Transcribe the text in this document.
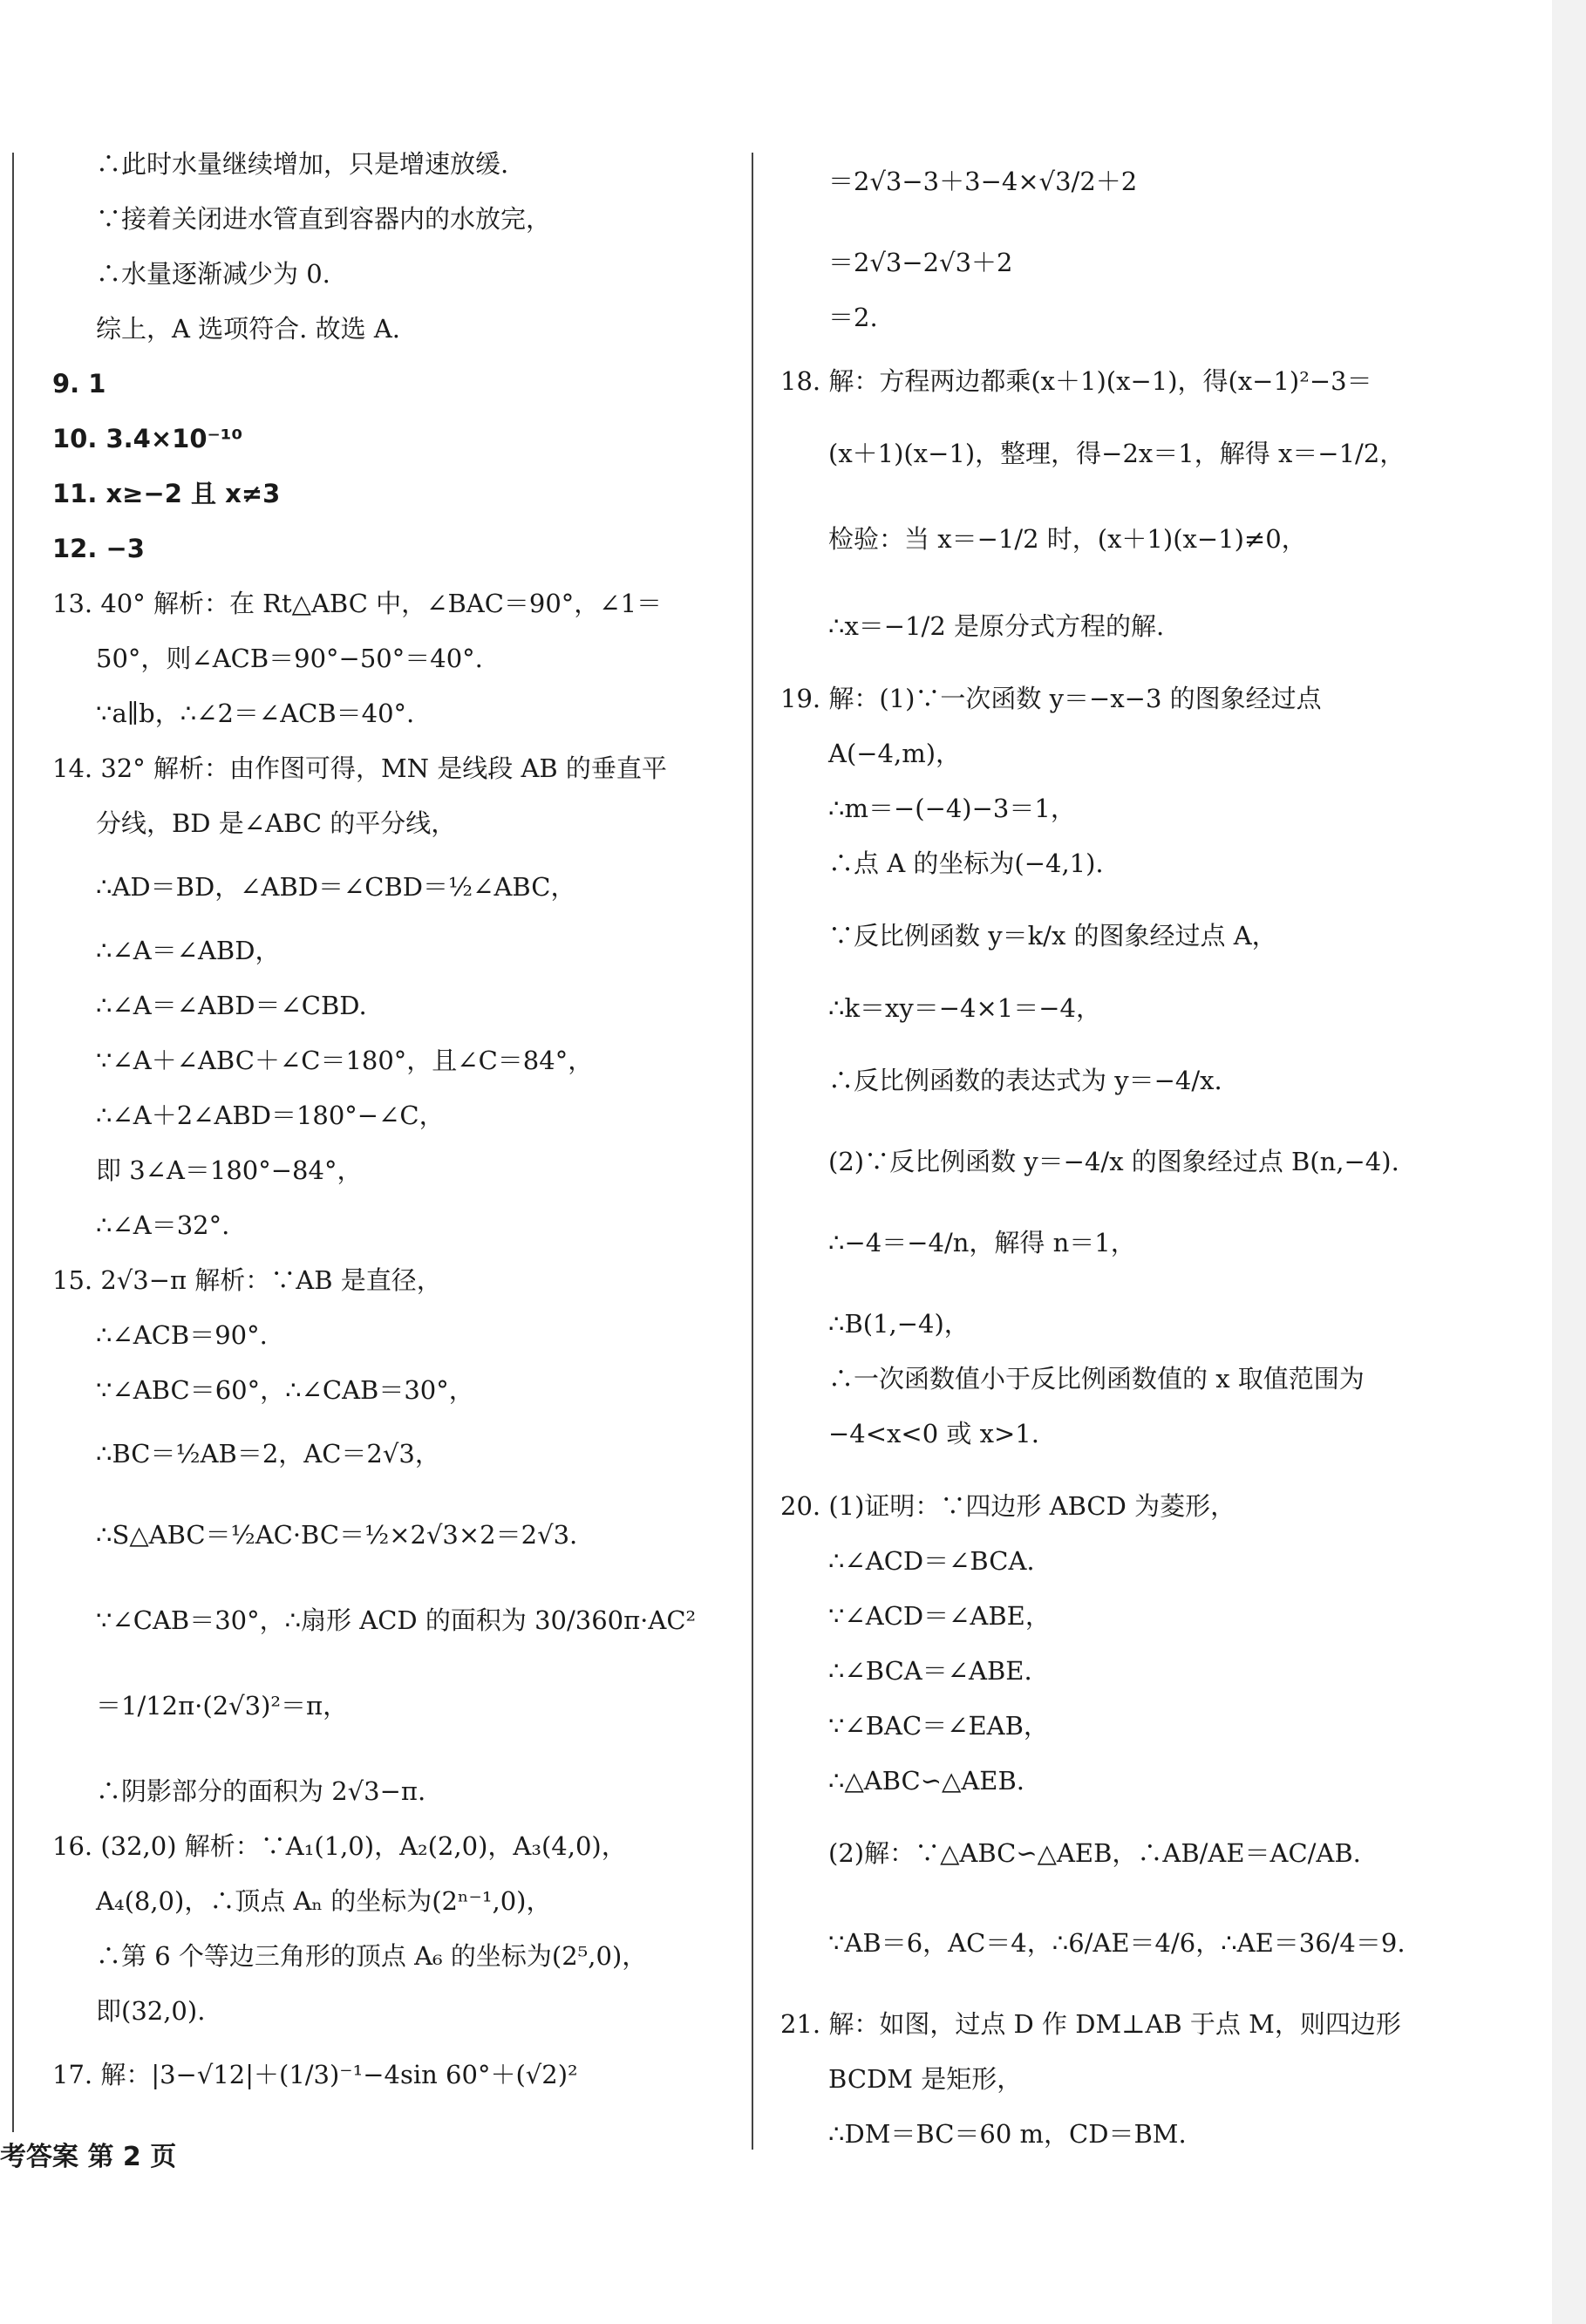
∴此时水量继续增加，只是增速放缓.
∵接着关闭进水管直到容器内的水放完，
∴水量逐渐减少为 0.
综上，A 选项符合. 故选 A.
9. 1
10. 3.4×10⁻¹⁰
11. x≥−2 且 x≠3
12. −3
13. 40° 解析：在 Rt△ABC 中，∠BAC＝90°，∠1＝
50°，则∠ACB＝90°−50°＝40°.
∵a∥b，∴∠2＝∠ACB＝40°.
14. 32° 解析：由作图可得，MN 是线段 AB 的垂直平
分线，BD 是∠ABC 的平分线，
∴AD＝BD，∠ABD＝∠CBD＝½∠ABC，
∴∠A＝∠ABD，
∴∠A＝∠ABD＝∠CBD.
∵∠A＋∠ABC＋∠C＝180°，且∠C＝84°，
∴∠A＋2∠ABD＝180°−∠C，
即 3∠A＝180°−84°，
∴∠A＝32°.
15. 2√3−π 解析：∵AB 是直径，
∴∠ACB＝90°.
∵∠ABC＝60°，∴∠CAB＝30°，
∴BC＝½AB＝2，AC＝2√3，
∴S△ABC＝½AC·BC＝½×2√3×2＝2√3.
∵∠CAB＝30°，∴扇形 ACD 的面积为 30/360π·AC²
＝1/12π·(2√3)²＝π，
∴阴影部分的面积为 2√3−π.
16. (32,0) 解析：∵A₁(1,0)，A₂(2,0)，A₃(4,0)，
A₄(8,0)，∴顶点 Aₙ 的坐标为(2ⁿ⁻¹,0)，
∴第 6 个等边三角形的顶点 A₆ 的坐标为(2⁵,0)，
即(32,0).
17. 解：|3−√12|＋(1/3)⁻¹−4sin 60°＋(√2)²
＝2√3−3＋3−4×√3/2＋2
＝2√3−2√3＋2
＝2.
18. 解：方程两边都乘(x＋1)(x−1)，得(x−1)²−3＝
(x＋1)(x−1)，整理，得−2x＝1，解得 x＝−1/2，
检验：当 x＝−1/2 时，(x＋1)(x−1)≠0，
∴x＝−1/2 是原分式方程的解.
19. 解：(1)∵一次函数 y＝−x−3 的图象经过点
A(−4,m)，
∴m＝−(−4)−3＝1，
∴点 A 的坐标为(−4,1).
∵反比例函数 y＝k/x 的图象经过点 A，
∴k＝xy＝−4×1＝−4，
∴反比例函数的表达式为 y＝−4/x.
(2)∵反比例函数 y＝−4/x 的图象经过点 B(n,−4).
∴−4＝−4/n，解得 n＝1，
∴B(1,−4)，
∴一次函数值小于反比例函数值的 x 取值范围为
−4<x<0 或 x>1.
20. (1)证明：∵四边形 ABCD 为菱形，
∴∠ACD＝∠BCA.
∵∠ACD＝∠ABE，
∴∠BCA＝∠ABE.
∵∠BAC＝∠EAB，
∴△ABC∽△AEB.
(2)解：∵△ABC∽△AEB，∴AB/AE＝AC/AB.
∵AB＝6，AC＝4，∴6/AE＝4/6，∴AE＝36/4＝9.
21. 解：如图，过点 D 作 DM⊥AB 于点 M，则四边形
BCDM 是矩形，
∴DM＝BC＝60 m，CD＝BM.
考答案 第 2 页
